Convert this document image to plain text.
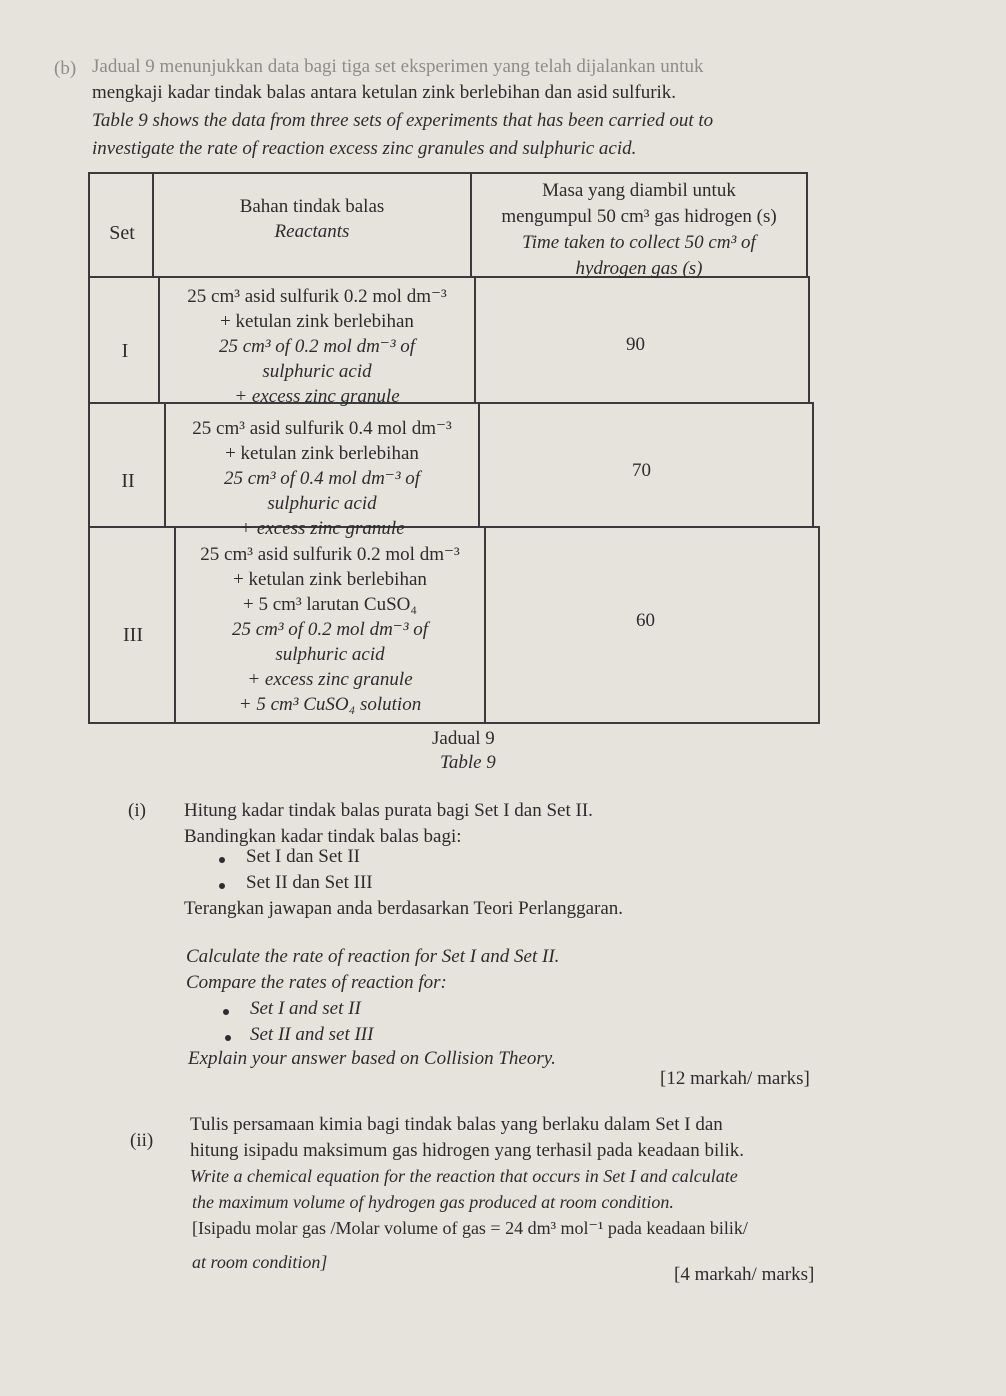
(b) Jadual 9 menunjukkan data bagi tiga set eksperimen yang telah dijalankan untuk
mengkaji kadar tindak balas antara ketulan zink berlebihan dan asid sulfurik.
Table 9 shows the data from three sets of experiments that has been carried out to
investigate the rate of reaction excess zinc granules and sulphuric acid.
Set
Bahan tindak balas
Reactants
Masa yang diambil untuk
mengumpul 50 cm³ gas hidrogen (s)
Time taken to collect 50 cm³ of
hydrogen gas (s)
I
25 cm³ asid sulfurik 0.2 mol dm⁻³
+ ketulan zink berlebihan
25 cm³ of 0.2 mol dm⁻³ of
sulphuric acid
+ excess zinc granule
90
II
25 cm³ asid sulfurik 0.4 mol dm⁻³
+ ketulan zink berlebihan
25 cm³ of 0.4 mol dm⁻³ of
sulphuric acid
+ excess zinc granule
70
III
25 cm³ asid sulfurik 0.2 mol dm⁻³
+ ketulan zink berlebihan
+ 5 cm³ larutan CuSO₄
25 cm³ of 0.2 mol dm⁻³ of
sulphuric acid
+ excess zinc granule
+ 5 cm³ CuSO₄ solution
60
Jadual 9
Table 9
(i) Hitung kadar tindak balas purata bagi Set I dan Set II.
Bandingkan kadar tindak balas bagi:
Set I dan Set II
Set II dan Set III
Terangkan jawapan anda berdasarkan Teori Perlanggaran.
Calculate the rate of reaction for Set I and Set II.
Compare the rates of reaction for:
Set I and set II
Set II and set III
Explain your answer based on Collision Theory.
[12 markah/ marks]
(ii)
Tulis persamaan kimia bagi tindak balas yang berlaku dalam Set I dan
hitung isipadu maksimum gas hidrogen yang terhasil pada keadaan bilik.
Write a chemical equation for the reaction that occurs in Set I and calculate
the maximum volume of hydrogen gas produced at room condition.
[Isipadu molar gas /Molar volume of gas = 24 dm³ mol⁻¹ pada keadaan bilik/
at room condition]
[4 markah/ marks]
